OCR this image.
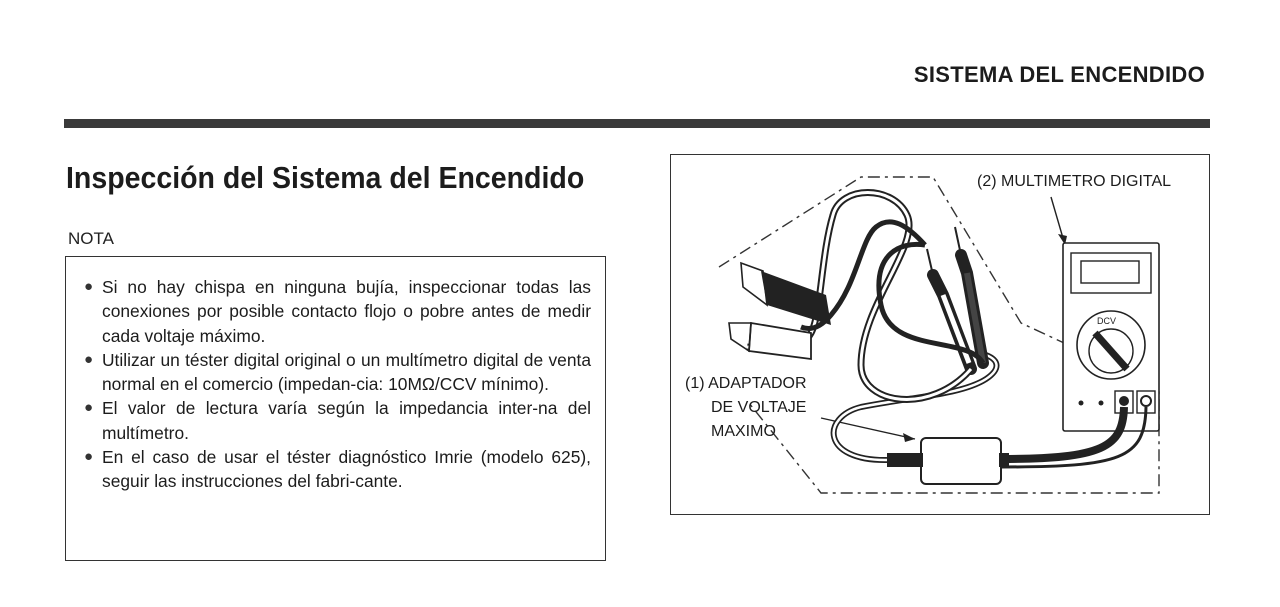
SISTEMA DEL ENCENDIDO
Inspección del Sistema del Encendido
NOTA
● Si no hay chispa en ninguna bujía, inspeccionar todas las conexiones por posible contacto flojo o pobre antes de medir cada voltaje máximo.
● Utilizar un téster digital original o un multímetro digital de venta normal en el comercio (impedan-cia: 10MΩ/CCV mínimo).
● El valor de lectura varía según la impedancia inter-na del multímetro.
● En el caso de usar el téster diagnóstico Imrie (modelo 625), seguir las instrucciones del fabri-cante.
DCV
(2) MULTIMETRO DIGITAL
(1) ADAPTADOR
DE VOLTAJE
MAXIMO
